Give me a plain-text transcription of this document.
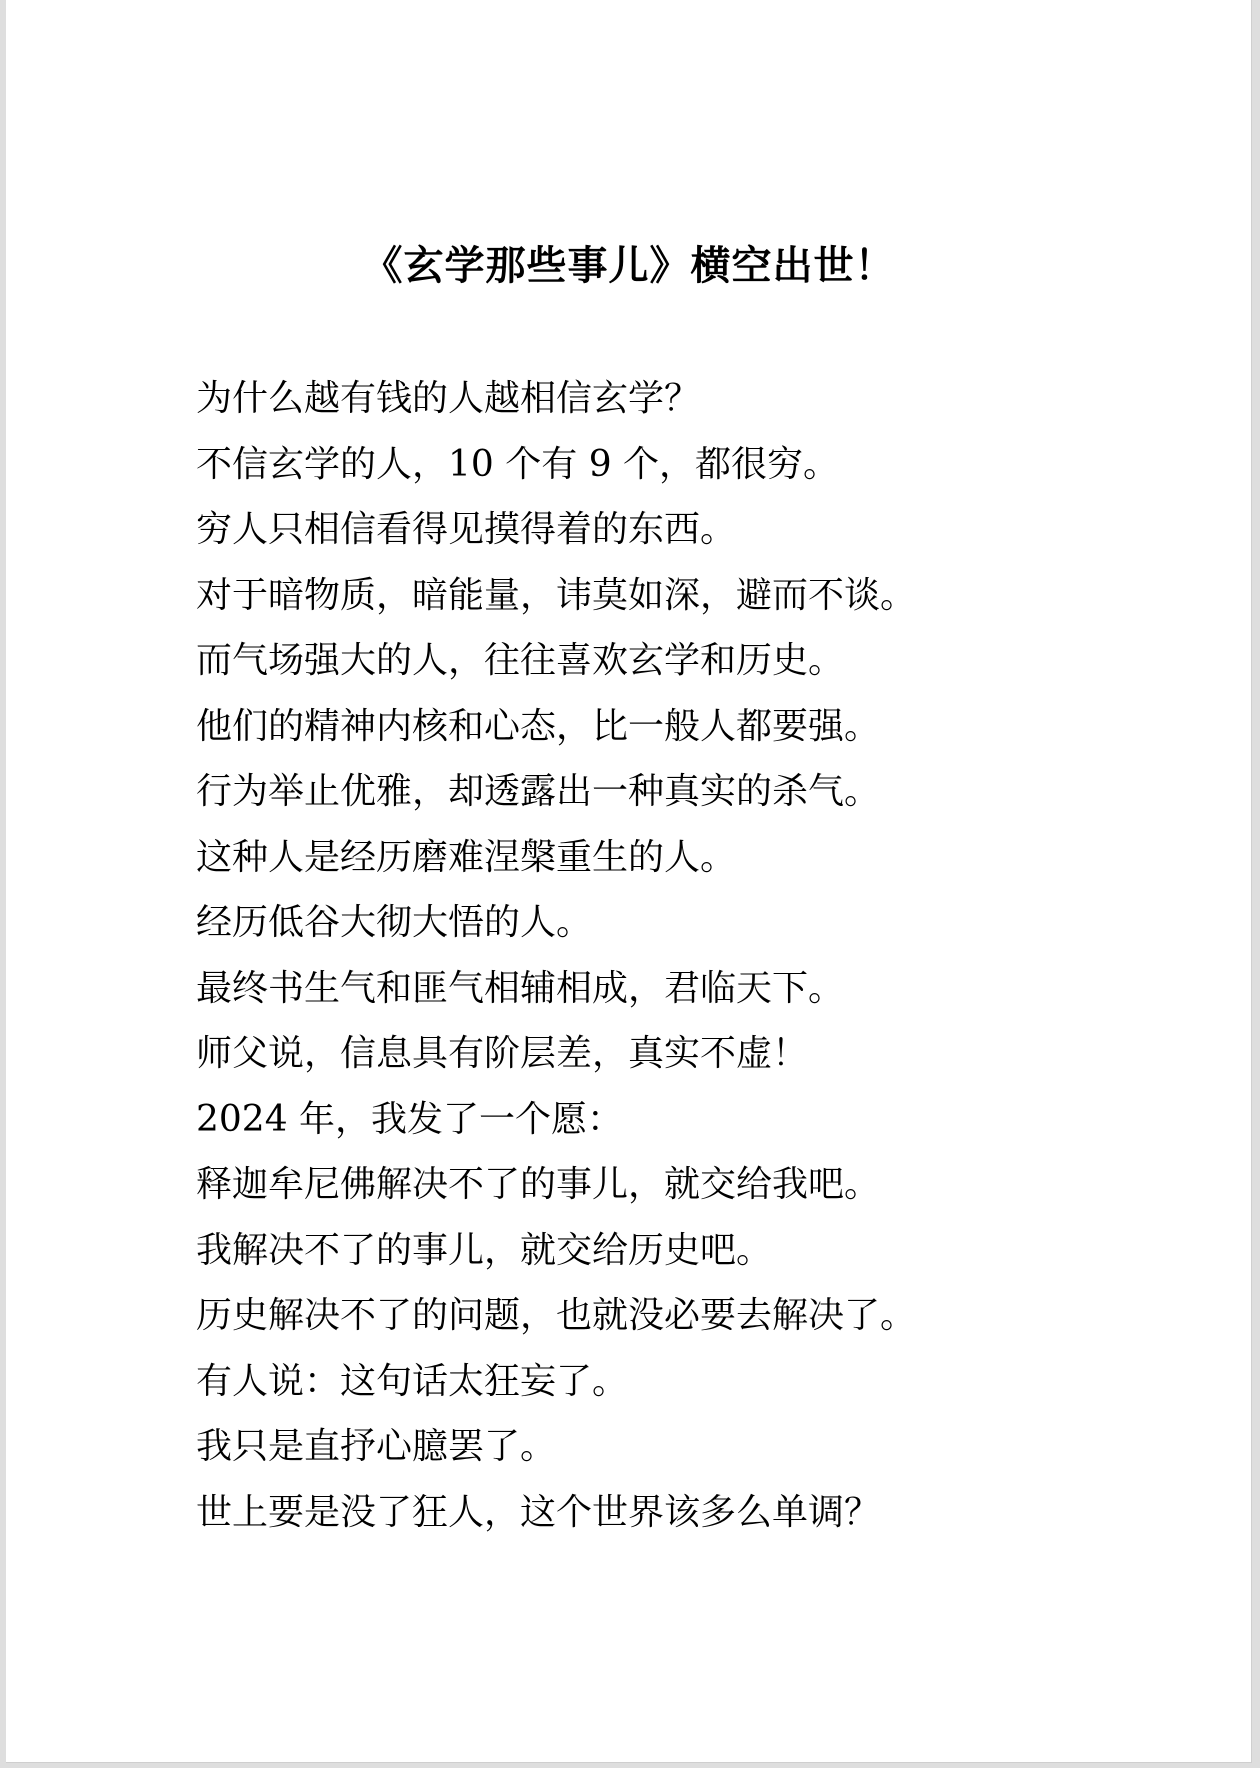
《玄学那些事儿》横空出世！
为什么越有钱的人越相信玄学？
不信玄学的人，10 个有 9 个，都很穷。
穷人只相信看得见摸得着的东西。
对于暗物质，暗能量，讳莫如深，避而不谈。
而气场强大的人，往往喜欢玄学和历史。
他们的精神内核和心态，比一般人都要强。
行为举止优雅，却透露出一种真实的杀气。
这种人是经历磨难涅槃重生的人。
经历低谷大彻大悟的人。
最终书生气和匪气相辅相成，君临天下。
师父说，信息具有阶层差，真实不虚！
2024 年，我发了一个愿：
释迦牟尼佛解决不了的事儿，就交给我吧。
我解决不了的事儿，就交给历史吧。
历史解决不了的问题，也就没必要去解决了。
有人说：这句话太狂妄了。
我只是直抒心臆罢了。
世上要是没了狂人，这个世界该多么单调？
